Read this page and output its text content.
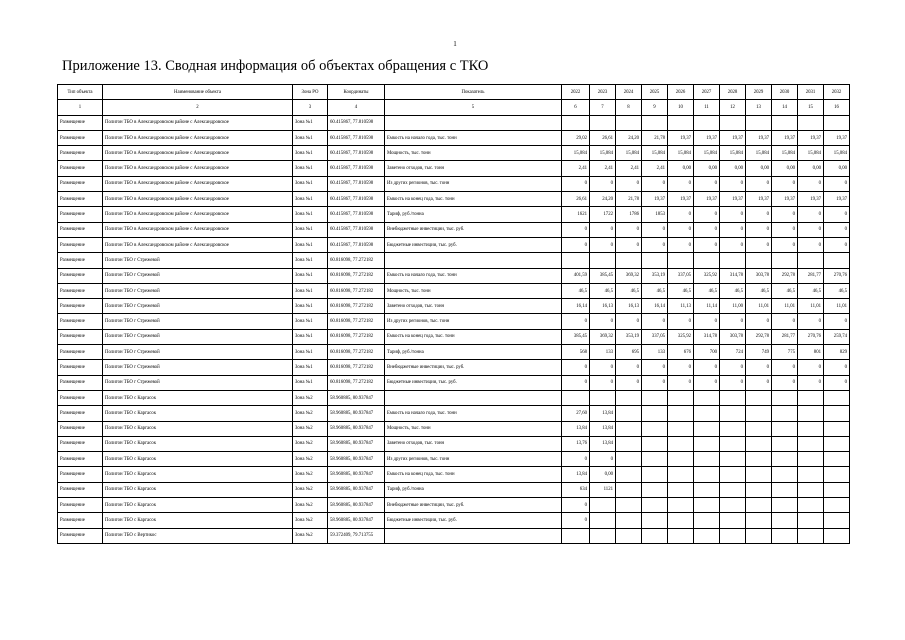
1
Приложение 13. Сводная информация об объектах обращения с ТКО
Тип объекта	Наименование объекта	Зона РО	Координаты	Показатель	2022	2023	2024	2025	2026	2027	2028	2029	2030	2031	2032
1	2	3	4	5	6	7	8	9	10	11	12	13	14	15	16
Размещение	Полигон ТБО в Александровском районе с Александровское	Зона №1	60.415867, 77.810598												
Размещение	Полигон ТБО в Александровском районе с Александровское	Зона №1	60.415867, 77.810598	Емкость на начало года, тыс. тонн	29,02	26,61	24,20	21,78	19,37	19,37	19,37	19,37	19,37	19,37	19,37
Размещение	Полигон ТБО в Александровском районе с Александровское	Зона №1	60.415867, 77.810598	Мощность, тыс. тонн	15,084	15,084	15,084	15,084	15,084	15,084	15,084	15,084	15,084	15,084	15,084
Размещение	Полигон ТБО в Александровском районе с Александровское	Зона №1	60.415867, 77.810598	Заветено отходов, тыс. тонн	2,41	2,41	2,41	2,41	0,00	0,00	0,00	0,00	0,00	0,00	0,00
Размещение	Полигон ТБО в Александровском районе с Александровское	Зона №1	60.415867, 77.810598	Из других регионов, тыс. тонн	0	0	0	0	0	0	0	0	0	0	0
Размещение	Полигон ТБО в Александровском районе с Александровское	Зона №1	60.415867, 77.810598	Емкость на конец года, тыс. тонн	26,61	24,20	21,78	19,37	19,37	19,37	19,37	19,37	19,37	19,37	19,37
Размещение	Полигон ТБО в Александровском районе с Александровское	Зона №1	60.415867, 77.810598	Тариф, руб./тонна	1621	1722	1786	1853	0	0	0	0	0	0	0
Размещение	Полигон ТБО в Александровском районе с Александровское	Зона №1	60.415867, 77.810598	Внебюджетные инвестиции, тыс. руб.	0	0	0	0	0	0	0	0	0	0	0
Размещение	Полигон ТБО в Александровском районе с Александровское	Зона №1	60.415867, 77.810598	Бюджетные инвестиции, тыс. руб.	0	0	0	0	0	0	0	0	0	0	0
Размещение	Полигон ТБО г Стрежевой	Зона №1	60.816098, 77.272182												
Размещение	Полигон ТБО г Стрежевой	Зона №1	60.816098, 77.272182	Емкость на начало года, тыс. тонн	401,59	385,45	369,32	353,19	337,05	325,92	314,78	303,78	292,78	281,77	270,76
Размещение	Полигон ТБО г Стрежевой	Зона №1	60.816098, 77.272182	Мощность, тыс. тонн	46,5	46,5	46,5	46,5	46,5	46,5	46,5	46,5	46,5	46,5	46,5
Размещение	Полигон ТБО г Стрежевой	Зона №1	60.816098, 77.272182	Заветено отходов, тыс. тонн	16,14	16,13	16,13	16,14	11,13	11,14	11,00	11,01	11,01	11,01	11,01
Размещение	Полигон ТБО г Стрежевой	Зона №1	60.816098, 77.272182	Из других регионов, тыс. тонн	0	0	0	0	0	0	0	0	0	0	0
Размещение	Полигон ТБО г Стрежевой	Зона №1	60.816098, 77.272182	Емкость на конец года, тыс. тонн	385,45	369,32	353,19	337,05	325,92	314,78	303,78	292,78	281,77	270,76	259,74
Размещение	Полигон ТБО г Стрежевой	Зона №1	60.816098, 77.272182	Тариф, руб./тонна	568	133	695	133	676	700	724	749	775	801	829
Размещение	Полигон ТБО г Стрежевой	Зона №1	60.816098, 77.272182	Внебюджетные инвестиции, тыс. руб.	0	0	0	0	0	0	0	0	0	0	0
Размещение	Полигон ТБО г Стрежевой	Зона №1	60.816098, 77.272182	Бюджетные инвестиции, тыс. руб.	0	0	0	0	0	0	0	0	0	0	0
Размещение	Полигон ТБО с Каргасок	Зона №2	58.960885, 80.937847												
Размещение	Полигон ТБО с Каргасок	Зона №2	58.960885, 80.937847	Емкость на начало года, тыс. тонн	27,60	13,84									
Размещение	Полигон ТБО с Каргасок	Зона №2	58.960885, 80.937847	Мощность, тыс. тонн	13,84	13,84									
Размещение	Полигон ТБО с Каргасок	Зона №2	58.960885, 80.937847	Заветено отходов, тыс. тонн	13,76	13,84									
Размещение	Полигон ТБО с Каргасок	Зона №2	58.960885, 80.937847	Из других регионов, тыс. тонн	0	0									
Размещение	Полигон ТБО с Каргасок	Зона №2	58.960885, 80.937847	Емкость на конец года, тыс. тонн	13,84	0,00									
Размещение	Полигон ТБО с Каргасок	Зона №2	58.960885, 80.937847	Тариф, руб./тонна	634	1121									
Размещение	Полигон ТБО с Каргасок	Зона №2	58.960885, 80.937847	Внебюджетные инвестиции, тыс. руб.	0										
Размещение	Полигон ТБО с Каргасок	Зона №2	58.960885, 80.937847	Бюджетные инвестиции, тыс. руб.	0										
Размещение	Полигон ТБО с Вертикос	Зона №2	59.372409, 79.713755												
